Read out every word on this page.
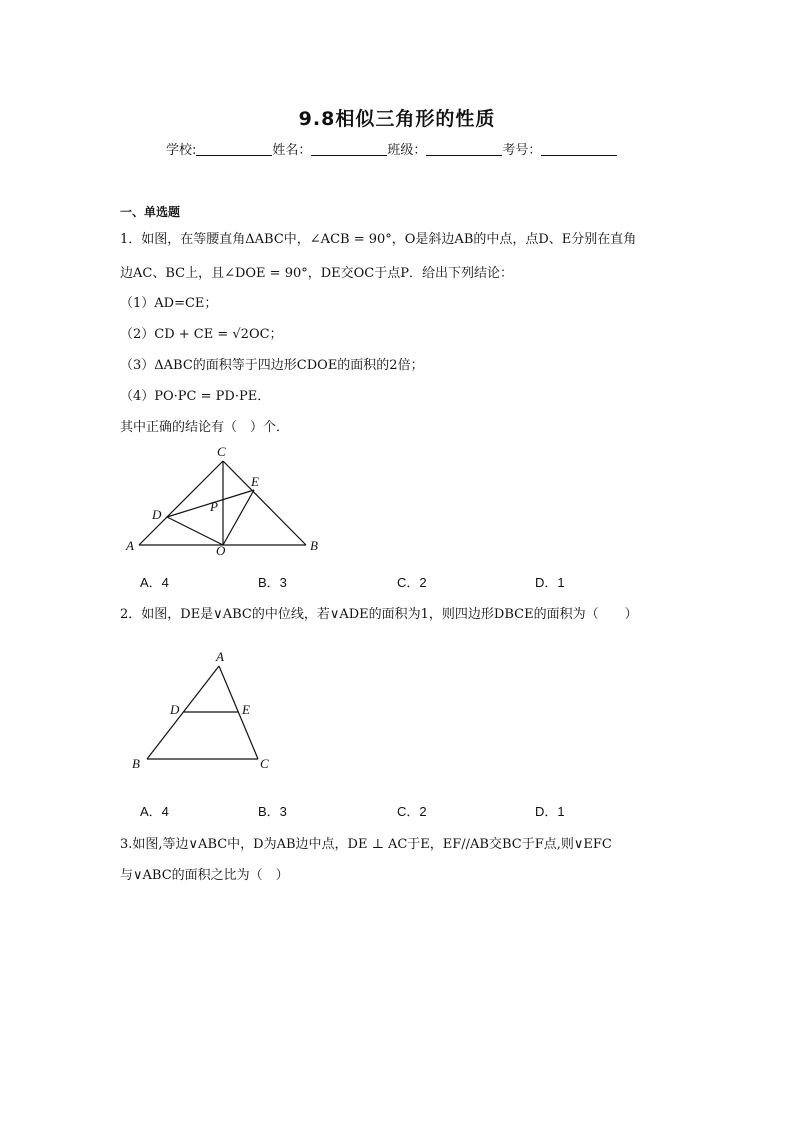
9.8相似三角形的性质
学校:	姓名：	班级：	考号：
一、单选题
1．如图，在等腰直角ΔABC中，∠ACB = 90°，O是斜边AB的中点，点D、E分别在直角
边AC、BC上，且∠DOE = 90°，DE交OC于点P．给出下列结论：
（1）AD=CE；
（2）CD + CE = √2OC；
（3）ΔABC的面积等于四边形CDOE的面积的2倍；
（4）PO·PC = PD·PE．
其中正确的结论有（　）个．
C
E
D
P
A	O	B
A．4	B．3	C．2	D．1
2．如图，DE是∨ABC的中位线，若∨ADE的面积为1，则四边形DBCE的面积为（　　）
A
D	E
B	C
A．4	B．3	C．2	D．1
3.如图,等边∨ABC中，D为AB边中点，DE ⊥ AC于E，EF//AB交BC于F点,则∨EFC
与∨ABC的面积之比为（　）
